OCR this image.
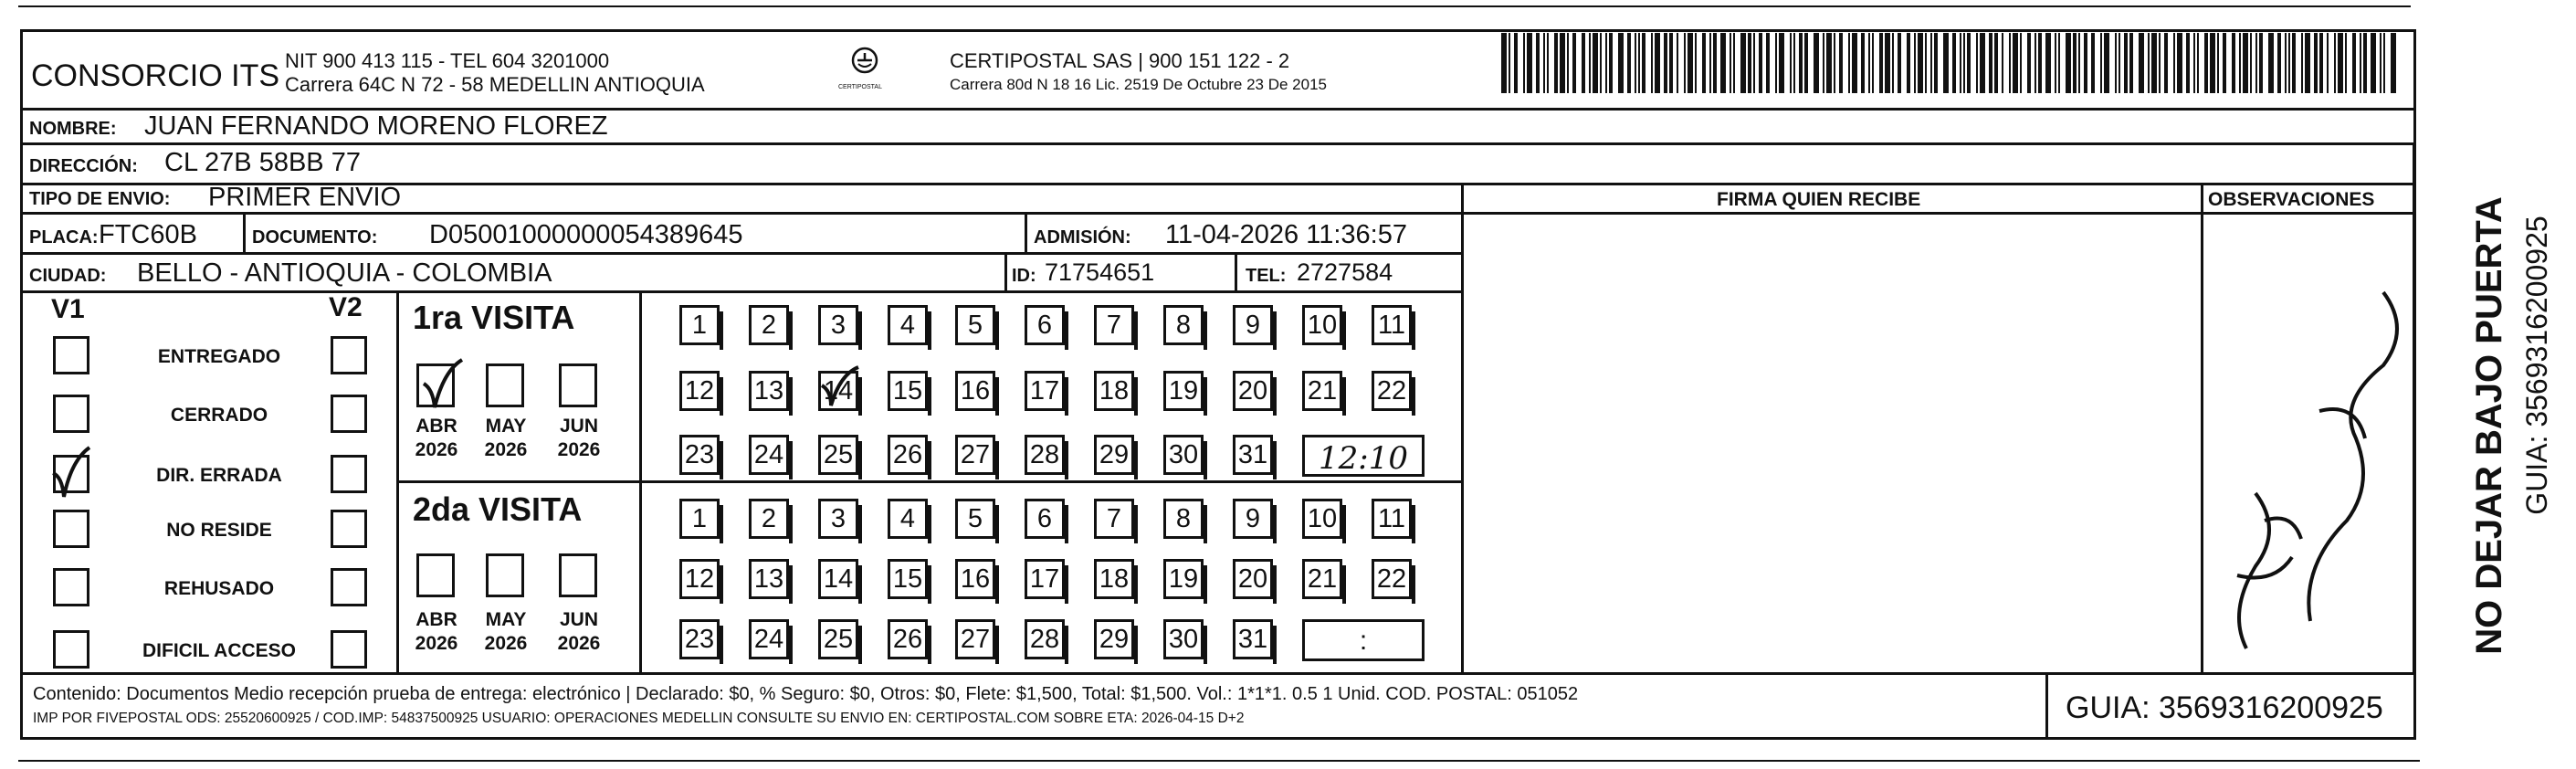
CONSORCIO ITS NIT 900 413 115 - TEL 604 3201000
Carrera 64C N 72 - 58 MEDELLIN ANTIOQUIA	CERTIPOSTAL
CERTIPOSTAL SAS | 900 151 122 - 2
Carrera 80d N 18 16 Lic. 2519 De Octubre 23 De 2015
NOMBRE: JUAN FERNANDO MORENO FLOREZ
DIRECCIÓN: CL 27B 58BB 77
TIPO DE ENVIO: PRIMER ENVIO
PLACA: FTC60B	DOCUMENTO: D05001000000054389645	ADMISIÓN: 11-04-2026 11:36:57
CIUDAD: BELLO - ANTIOQUIA - COLOMBIA	ID: 71754651	TEL: 2727584
FIRMA QUIEN RECIBE	OBSERVACIONES
V1	V2
ENTREGADO
CERRADO
DIR. ERRADA
NO RESIDE
REHUSADO
DIFICIL ACCESO
1ra VISITA
2da VISITA
ABR
2026
MAY
2026
JUN
2026
ABR
2026
MAY
2026
JUN
2026
1	2	3	4	5	6	7	8	9	10 11
12 13 14 15 16 17 18 19 20 21 22
23 24 25 26 27 28 29 30 31 12:10
1	2	3	4	5	6	7	8	9	10 11
12 13 14 15 16 17 18 19 20 21 22
23 24 25 26 27 28 29 30 31	:
Contenido: Documentos Medio recepción prueba de entrega: electrónico | Declarado: $0, % Seguro: $0, Otros: $0, Flete: $1,500, Total: $1,500. Vol.: 1*1*1. 0.5 1 Unid. COD. POSTAL: 051052
IMP POR FIVEPOSTAL ODS: 25520600925 / COD.IMP: 54837500925 USUARIO: OPERACIONES MEDELLIN CONSULTE SU ENVIO EN: CERTIPOSTAL.COM SOBRE ETA: 2026-04-15 D+2	GUIA: 3569316200925
NO DEJAR BAJO PUERTA GUIA: 3569316200925
